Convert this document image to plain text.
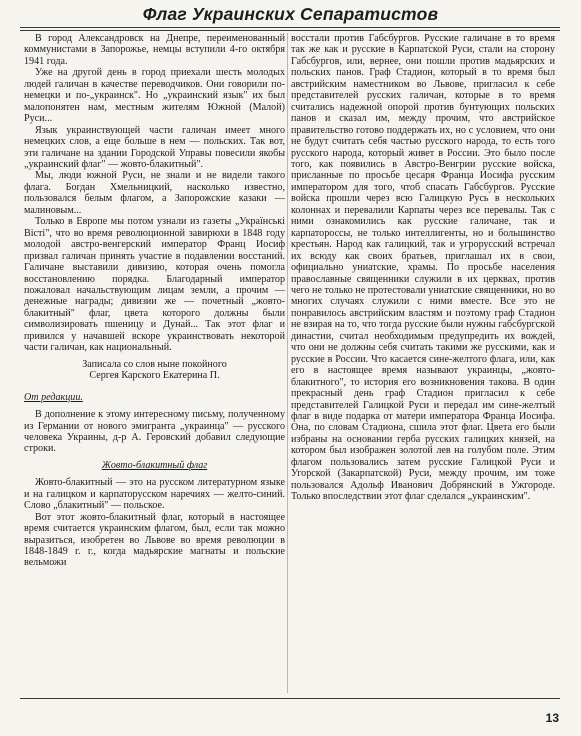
Флаг Украинских Сепаратистов

В город Александровск на Днепре, переименованный коммунистами в Запорожье, немцы вступили 4-го октября 1941 года.

Уже на другой день в город приехали шесть молодых людей галичан в качестве переводчиков. Они говорили по-немецки и по-„украинск". Но „украинский язык" их был малопонятен нам, местным жителям Южной (Малой) Руси...

Язык украинствующей части галичан имеет много немецких слов, а еще больше в нем — польских. Так вот, эти галичане на здании Городской Управы повесили якобы „украинский флаг" — жовто-блакитный".

Мы, люди южной Руси, не знали и не видели такого флага. Богдан Хмельницкий, насколько известно, пользовался белым флагом, а Запорожские казаки — малиновым...

Только в Европе мы потом узнали из газеты „Українські Вісті", что во время революционной завирюхи в 1848 году молодой австро-венгерский император Франц Иосиф призвал галичан принять участие в подавлении восстаний. Галичане выставили дивизию, которая очень помогла восстановлению порядка. Благодарный император пожаловал начальствующим лицам земли, а прочим — денежные награды; дивизии же — почетный „жовто-блакитный" флаг, цвета которого должны были символизировать пшеницу и Дунай... Так этот флаг и привился у начавшей вскоре украинствовать некоторой части галичан, как национальный.

Записала со слов ныне покойного

Сергея Карского Екатерина П.

От редакции.

В дополнение к этому интересному письму, полученному из Германии от нового эмигранта „украинца" — русского человека Украины, д-р А. Геровский добавил следующие строки.

Жовто-блакитный флаг

Жовто-блакитный — это на русском литературном языке и на галицком и карпаторусском наречиях — желто-синий. Слово „блакитный" — польское.

Вот этот жовто-блакитный флаг, который в настоящее время считается украинским флагом, был, если так можно выразиться, изобретен во Львове во время революции в 1848-1849 г. г., когда мадьярские магнаты и польские вельможи

восстали против Габсбургов. Русские галичане в то время так же как и русские в Карпатской Руси, стали на сторону Габсбургов, или, вернее, они пошли против мадьярских и польских панов. Граф Стадион, который в то время был австрийским наместником во Львове, пригласил к себе представителей русских галичан, которые в то время считались надежной опорой против бунтующих польских панов и сказал им, между прочим, что австрийское правительство готово поддержать их, но с условием, что они не будут считать себя частью русского народа, то есть того русского народа, который живет в России. Это было после того, как появились в Австро-Венгрии русские войска, присланные по просьбе цесаря Франца Иосифа русским императором для того, чтоб спасать Габсбургов. Русские войска прошли через всю Галицкую Русь в нескольких колоннах и перевалили Карпаты через все перевалы. Так с ними ознакомились как русские галичане, так и карпатороссы, не только интеллигенты, но и большинство крестьян. Народ как галицкий, так и угрорусский встречал их всюду как своих братьев, приглашал их в свои, официально униатские, храмы. По просьбе населения православные священники служили в их церквах, против чего не только не протестовали униатские священники, но во многих случаях служили с ними вместе. Все это не понравилось австрийским властям и поэтому граф Стадион не взирая на то, что тогда русские были нужны габсбургской династии, считал необходимым предупредить их вождей, что они не должны себя считать такими же русскими, как и русские в России. Что касается сине-желтого флага, или, как его в настоящее время называют украинцы, „жовто-блакитного", то история его возникновения такова. В один прекрасный день граф Стадион пригласил к себе представителей Галицкой Руси и передал им сине-желтый флаг в виде подарка от матери императора Франца Иосифа. Она, по словам Стадиона, сшила этот флаг. Цвета его были избраны на основании герба русских галицких князей, на котором был изображен золотой лев на голубом поле. Этим флагом пользовались затем русские Галицкой Руси и Угорской (Закарпатской) Руси, между прочим, им тоже пользовался Адольф Иванович Добрянский в Ужгороде. Только впоследствии этот флаг сделался „украинским".

13
